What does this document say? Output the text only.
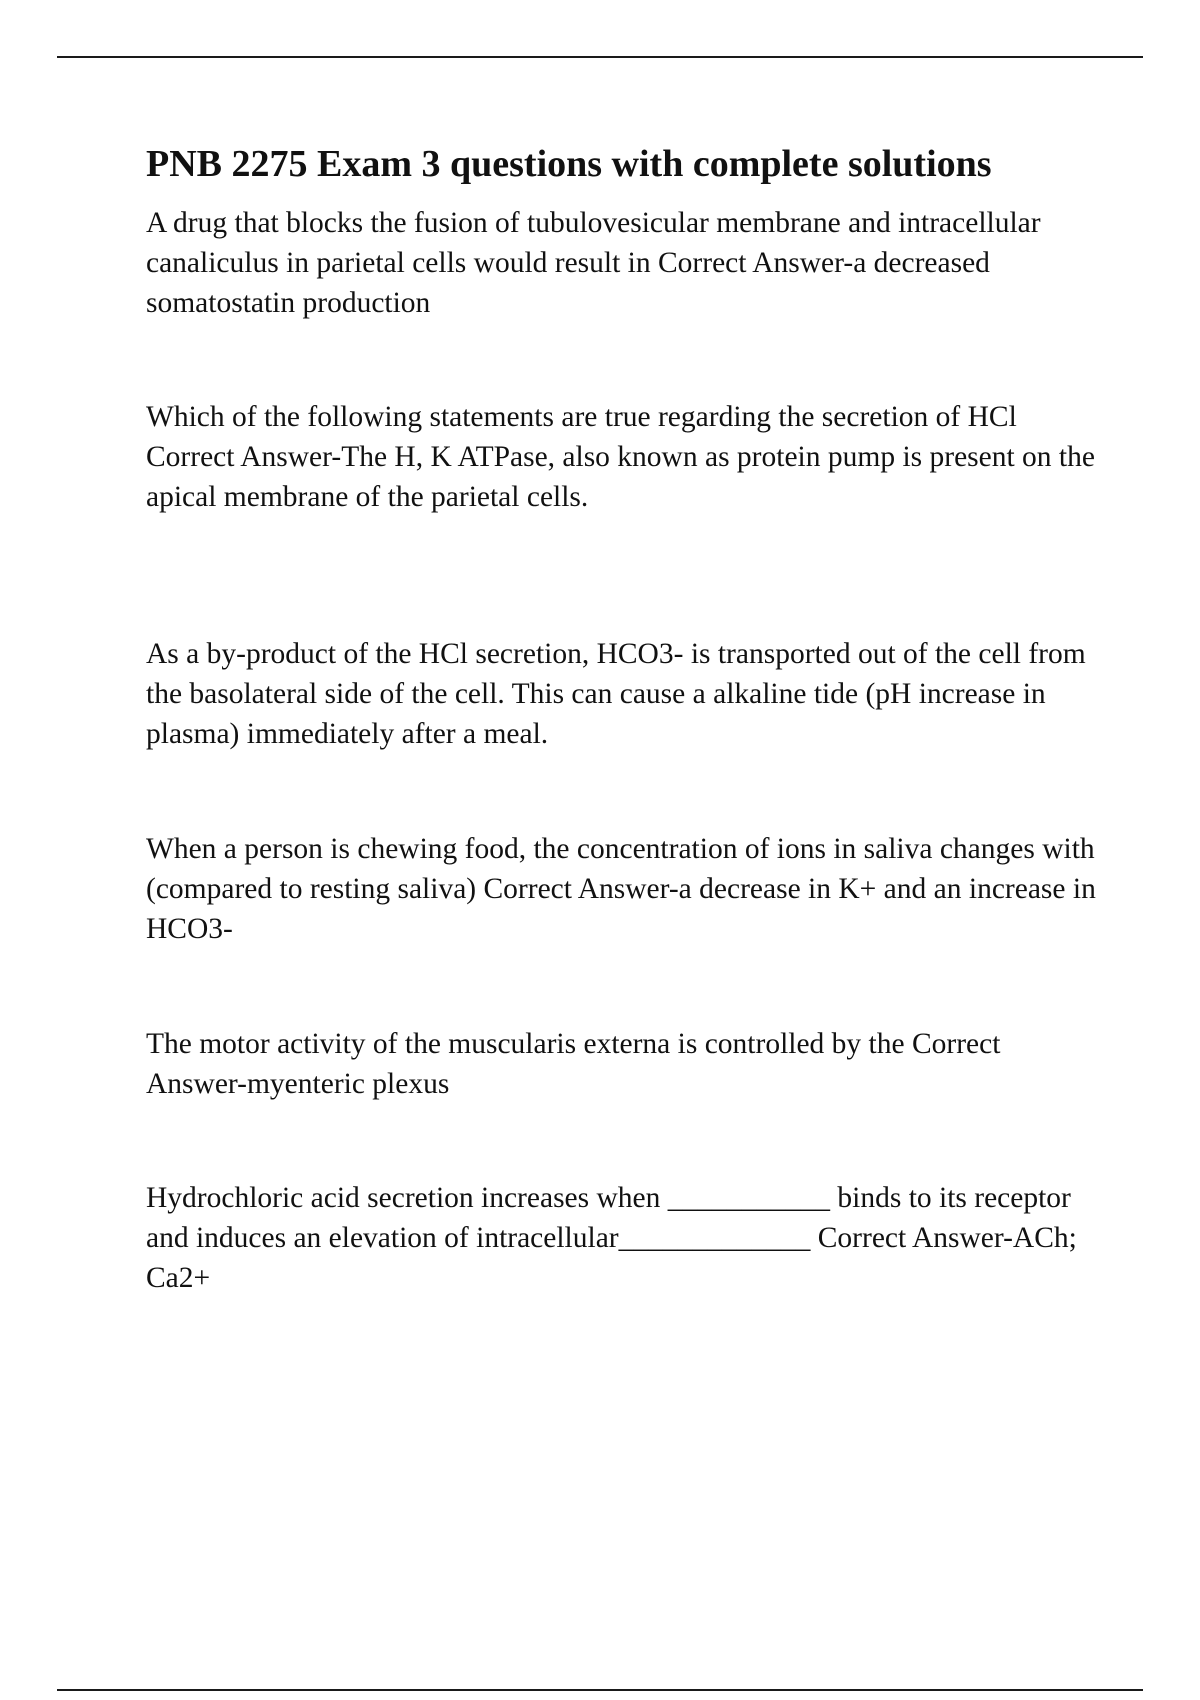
PNB 2275 Exam 3 questions with complete solutions

A drug that blocks the fusion of tubulovesicular membrane and intracellular canaliculus in parietal cells would result in Correct Answer-a decreased somatostatin production

Which of the following statements are true regarding the secretion of HCl Correct Answer-The H, K ATPase, also known as protein pump is present on the apical membrane of the parietal cells.

As a by-product of the HCl secretion, HCO3- is transported out of the cell from the basolateral side of the cell. This can cause a alkaline tide (pH increase in plasma) immediately after a meal.

When a person is chewing food, the concentration of ions in saliva changes with (compared to resting saliva) Correct Answer-a decrease in K+ and an increase in HCO3-

The motor activity of the muscularis externa is controlled by the Correct Answer-myenteric plexus

Hydrochloric acid secretion increases when ___________ binds to its receptor and induces an elevation of intracellular_____________ Correct Answer-ACh; Ca2+
